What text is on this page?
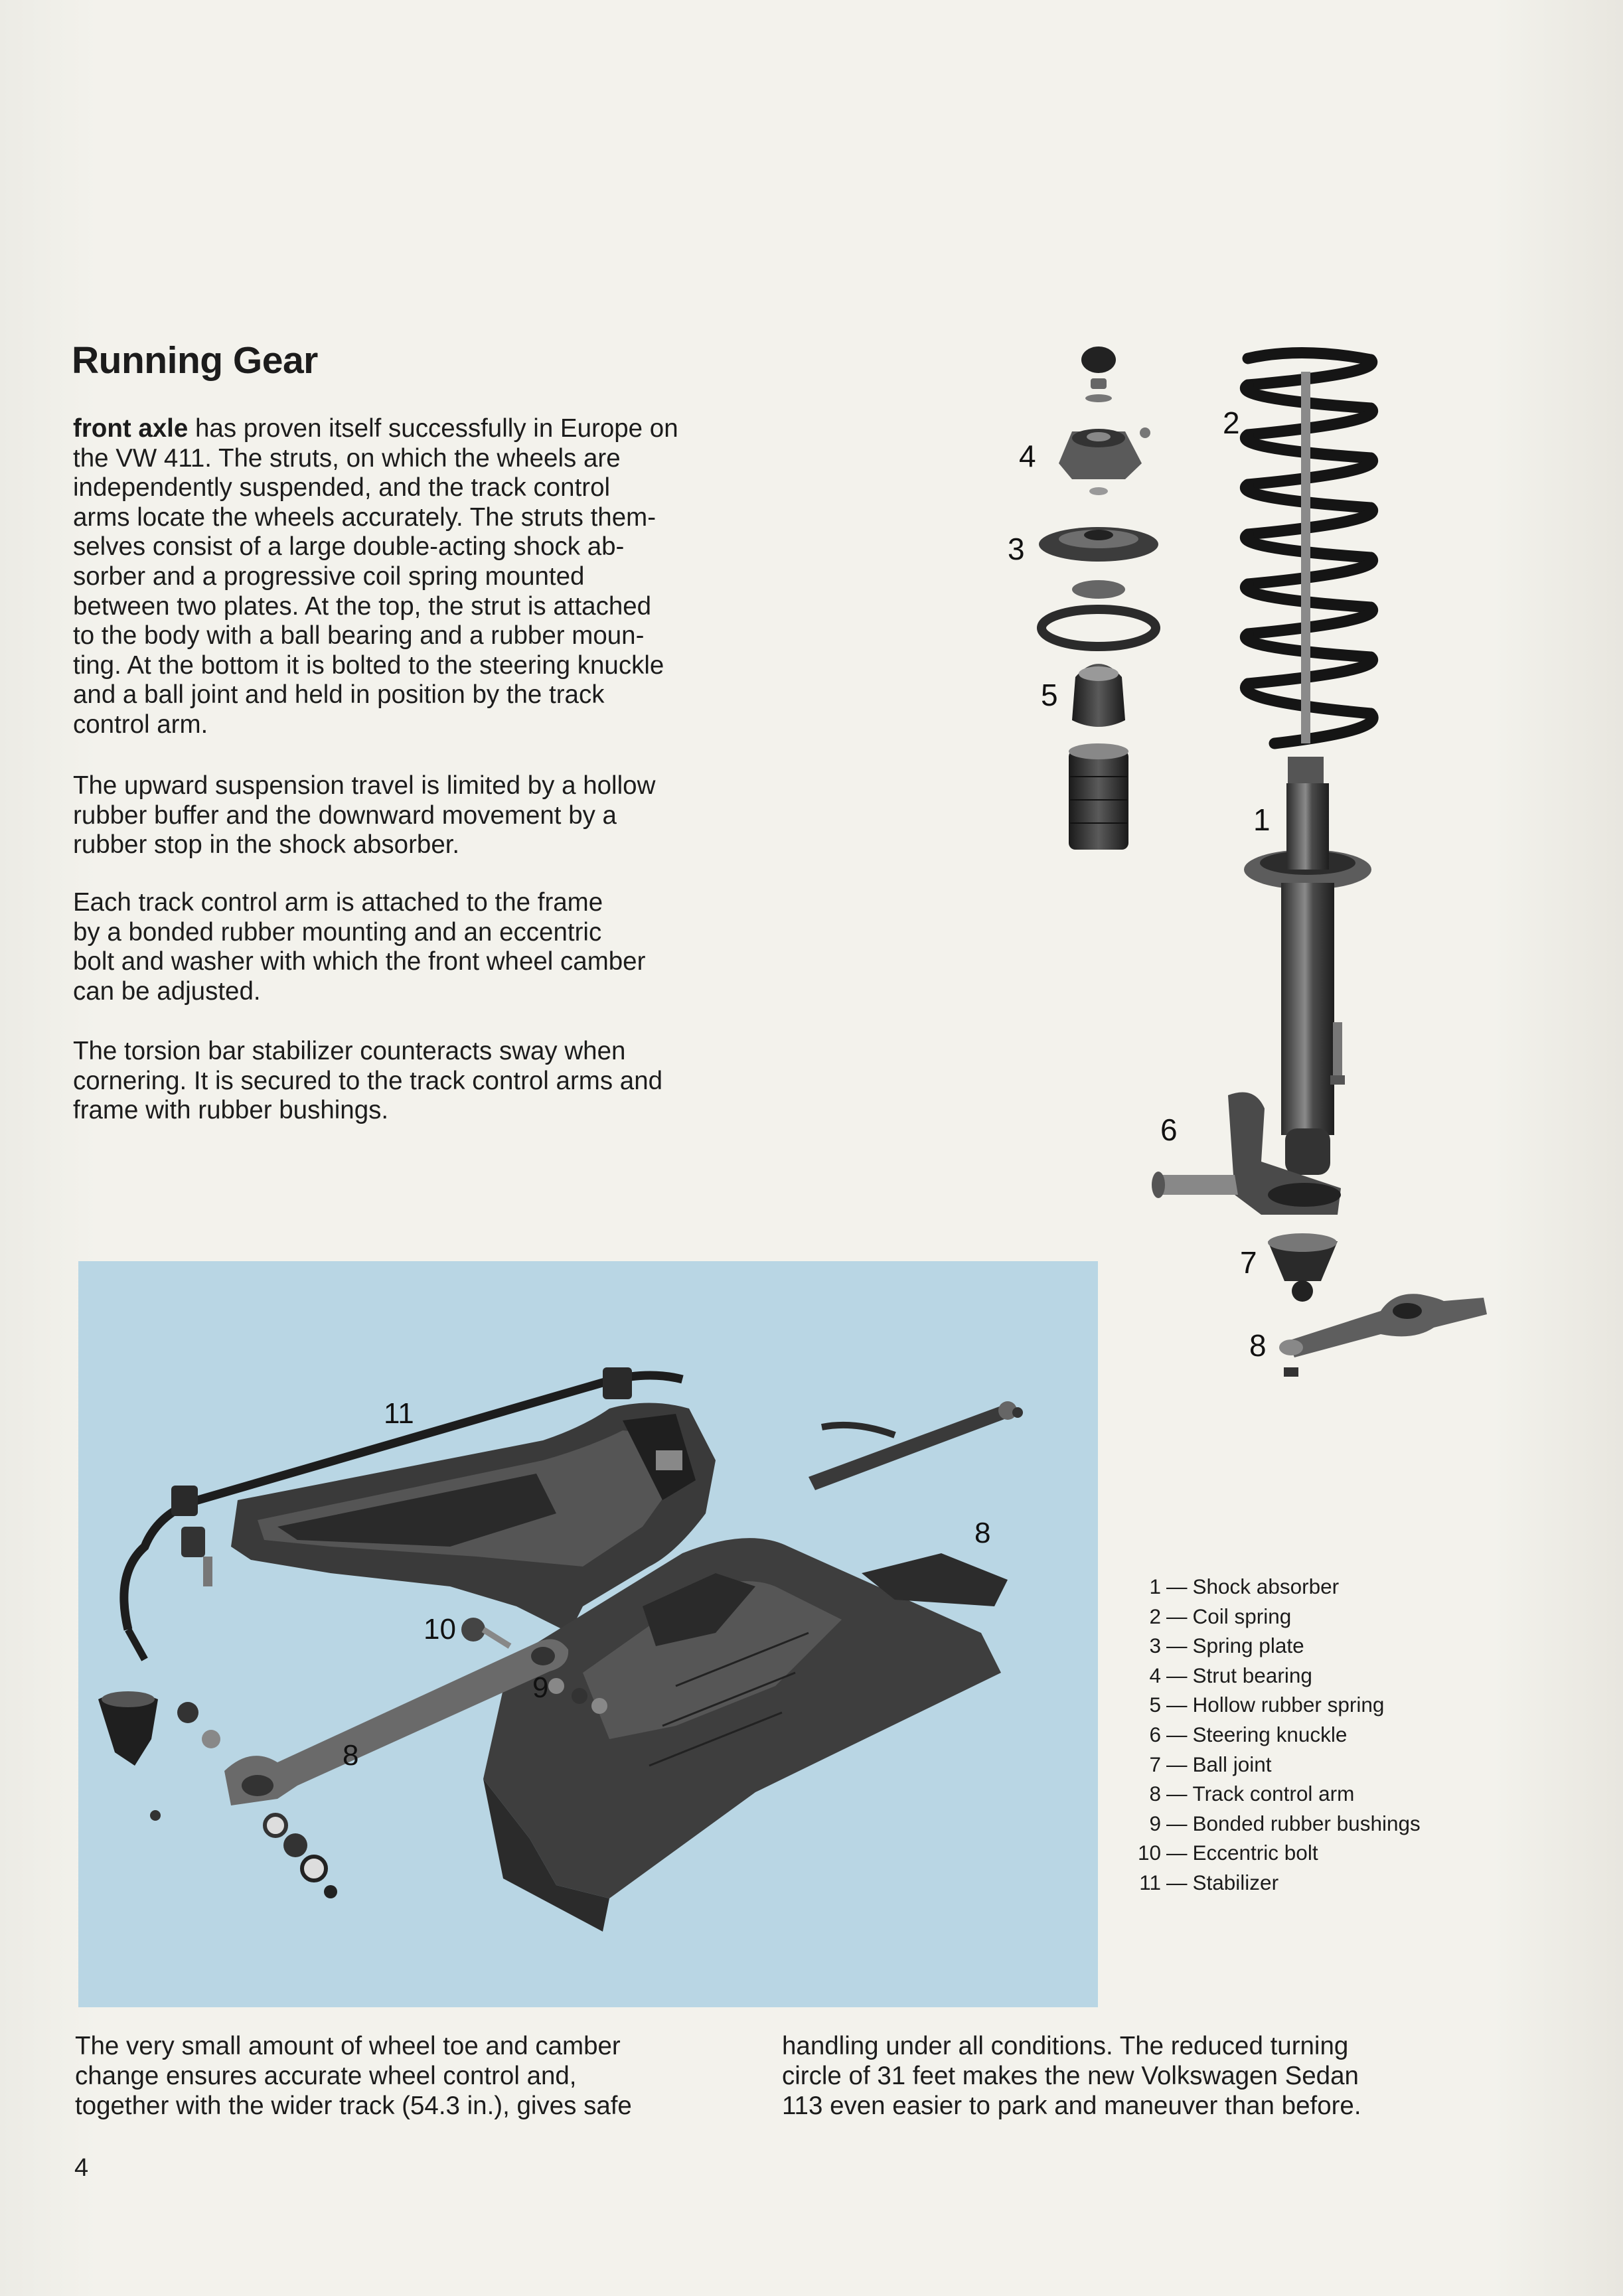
Running Gear

front axle has proven itself successfully in Europe on
the VW 411. The struts, on which the wheels are
independently suspended, and the track control
arms locate the wheels accurately. The struts them-
selves consist of a large double-acting shock ab-
sorber and a progressive coil spring mounted
between two plates. At the top, the strut is attached
to the body with a ball bearing and a rubber moun-
ting. At the bottom it is bolted to the steering knuckle
and a ball joint and held in position by the track
control arm.

The upward suspension travel is limited by a hollow
rubber buffer and the downward movement by a
rubber stop in the shock absorber.

Each track control arm is attached to the frame
by a bonded rubber mounting and an eccentric
bolt and washer with which the front wheel camber
can be adjusted.

The torsion bar stabilizer counteracts sway when
cornering. It is secured to the track control arms and
frame with rubber bushings.

2
4
3
5
1
6
7
8
11
8
10
9
8
1 — Shock absorber
2 — Coil spring
3 — Spring plate
4 — Strut bearing
5 — Hollow rubber spring
6 — Steering knuckle
7 — Ball joint
8 — Track control arm
9 — Bonded rubber bushings
10 — Eccentric bolt
11 — Stabilizer

The very small amount of wheel toe and camber
change ensures accurate wheel control and,
together with the wider track (54.3 in.), gives safe

handling under all conditions. The reduced turning
circle of 31 feet makes the new Volkswagen Sedan
113 even easier to park and maneuver than before.

4
